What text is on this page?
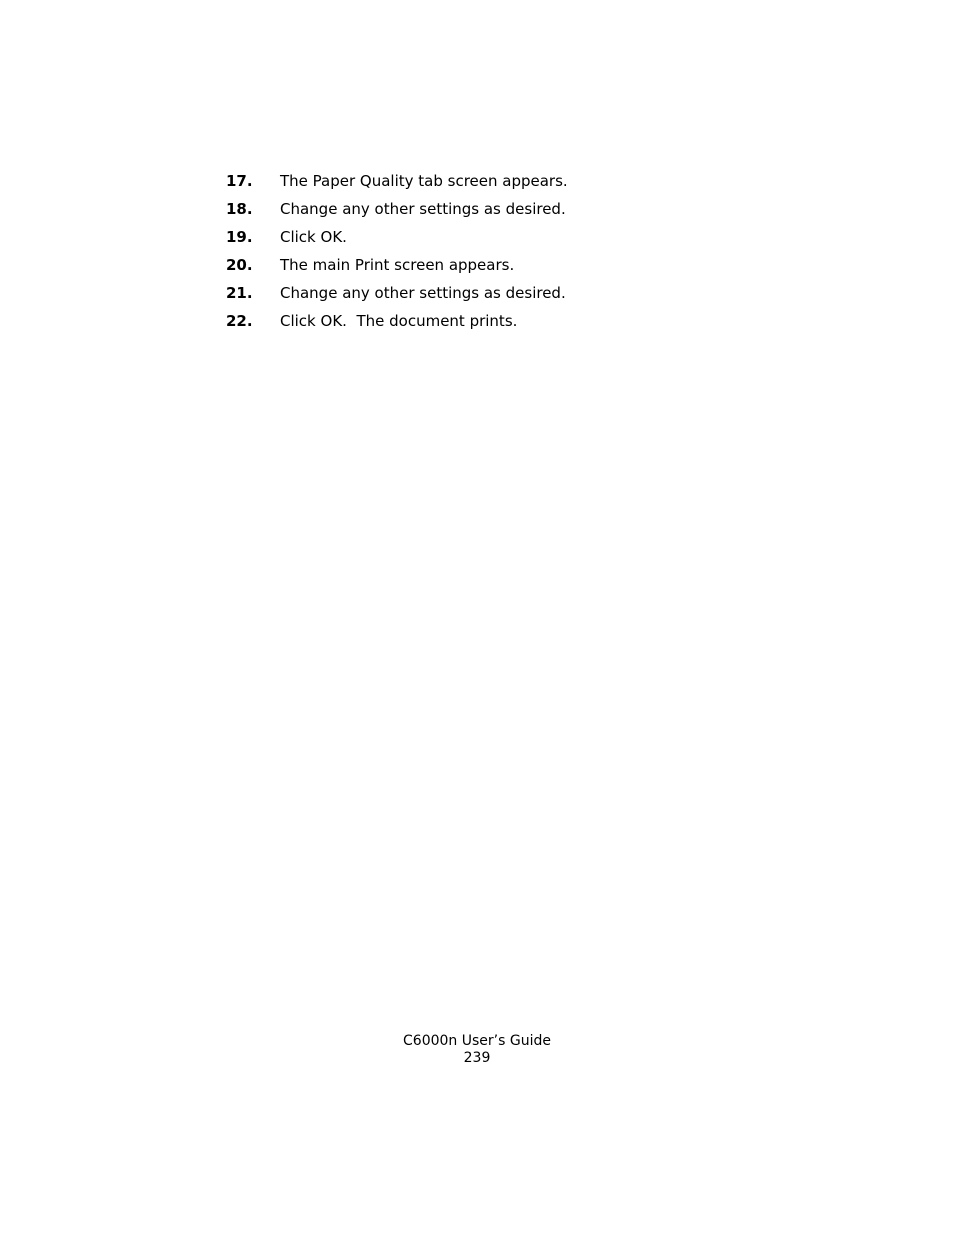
17.	The Paper Quality tab screen appears.
18.	Change any other settings as desired.
19.	Click OK.
20.	The main Print screen appears.
21.	Change any other settings as desired.
22.	Click OK.  The document prints.
C6000n User’s Guide
239
